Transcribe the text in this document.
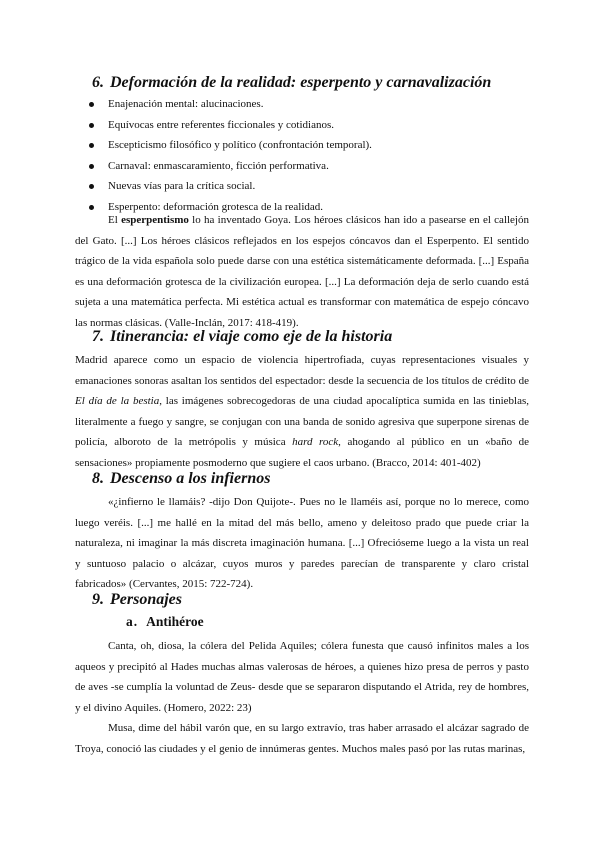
6. Deformación de la realidad: esperpento y carnavalización
Enajenación mental: alucinaciones.
Equívocas entre referentes ficcionales y cotidianos.
Escepticismo filosófico y político (confrontación temporal).
Carnaval: enmascaramiento, ficción performativa.
Nuevas vías para la crítica social.
Esperpento: deformación grotesca de la realidad.

El esperpentismo lo ha inventado Goya. Los héroes clásicos han ido a pasearse en el callejón del Gato. [...] Los héroes clásicos reflejados en los espejos cóncavos dan el Esperpento. El sentido trágico de la vida española solo puede darse con una estética sistemáticamente deformada. [...] España es una deformación grotesca de la civilización europea. [...] La deformación deja de serlo cuando está sujeta a una matemática perfecta. Mi estética actual es transformar con matemática de espejo cóncavo las normas clásicas. (Valle-Inclán, 2017: 418-419).

7. Itinerancia: el viaje como eje de la historia

Madrid aparece como un espacio de violencia hipertrofiada, cuyas representaciones visuales y emanaciones sonoras asaltan los sentidos del espectador: desde la secuencia de los títulos de crédito de El día de la bestia, las imágenes sobrecogedoras de una ciudad apocalíptica sumida en las tinieblas, literalmente a fuego y sangre, se conjugan con una banda de sonido agresiva que superpone sirenas de policía, alboroto de la metrópolis y música hard rock, ahogando al público en un «baño de sensaciones» propiamente posmoderno que sugiere el caos urbano. (Bracco, 2014: 401-402)

8. Descenso a los infiernos

«¿infierno le llamáis? -dijo Don Quijote-. Pues no le llaméis así, porque no lo merece, como luego veréis. [...] me hallé en la mitad del más bello, ameno y deleitoso prado que puede criar la naturaleza, ni imaginar la más discreta imaginación humana. [...] Ofrecióseme luego a la vista un real y suntuoso palacio o alcázar, cuyos muros y paredes parecían de transparente y claro cristal fabricados» (Cervantes, 2015: 722-724).

9. Personajes
a. Antihéroe

Canta, oh, diosa, la cólera del Pelida Aquiles; cólera funesta que causó infinitos males a los aqueos y precipitó al Hades muchas almas valerosas de héroes, a quienes hizo presa de perros y pasto de aves -se cumplía la voluntad de Zeus- desde que se separaron disputando el Atrida, rey de hombres, y el divino Aquiles. (Homero, 2022: 23)

Musa, dime del hábil varón que, en su largo extravío, tras haber arrasado el alcázar sagrado de Troya, conoció las ciudades y el genio de innúmeras gentes. Muchos males pasó por las rutas marinas,
